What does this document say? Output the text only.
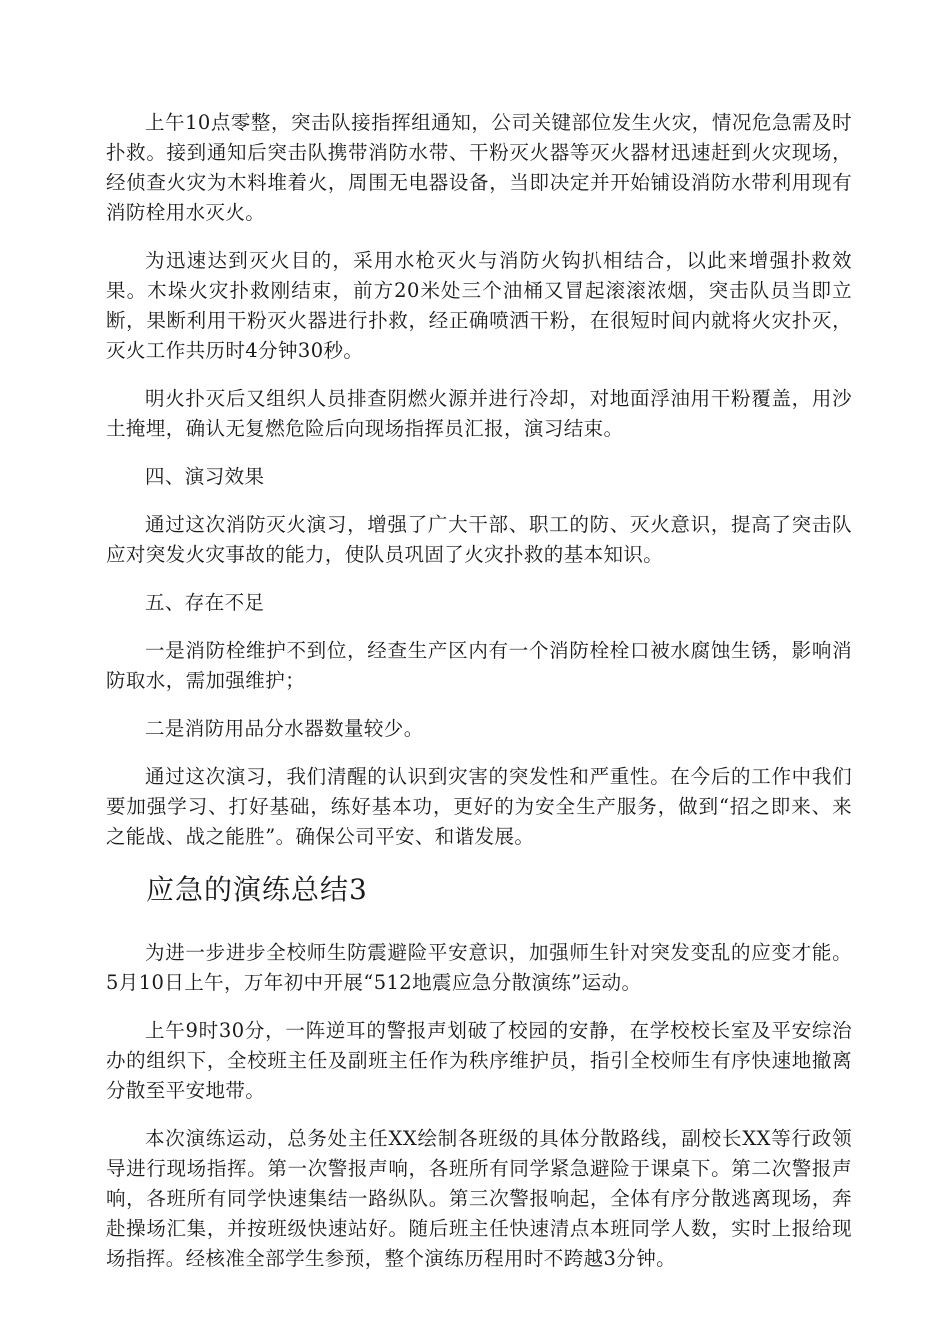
上午10点零整，突击队接指挥组通知，公司关键部位发生火灾，情况危急需及时扑救。接到通知后突击队携带消防水带、干粉灭火器等灭火器材迅速赶到火灾现场，经侦查火灾为木料堆着火，周围无电器设备，当即决定并开始铺设消防水带利用现有消防栓用水灭火。

为迅速达到灭火目的，采用水枪灭火与消防火钩扒相结合，以此来增强扑救效果。木垛火灾扑救刚结束，前方20米处三个油桶又冒起滚滚浓烟，突击队员当即立断，果断利用干粉灭火器进行扑救，经正确喷洒干粉，在很短时间内就将火灾扑灭，灭火工作共历时4分钟30秒。

明火扑灭后又组织人员排查阴燃火源并进行冷却，对地面浮油用干粉覆盖，用沙土掩埋，确认无复燃危险后向现场指挥员汇报，演习结束。

四、演习效果

通过这次消防灭火演习，增强了广大干部、职工的防、灭火意识，提高了突击队应对突发火灾事故的能力，使队员巩固了火灾扑救的基本知识。

五、存在不足

一是消防栓维护不到位，经查生产区内有一个消防栓栓口被水腐蚀生锈，影响消防取水，需加强维护；

二是消防用品分水器数量较少。

通过这次演习，我们清醒的认识到灾害的突发性和严重性。在今后的工作中我们要加强学习、打好基础，练好基本功，更好的为安全生产服务，做到“招之即来、来之能战、战之能胜”。确保公司平安、和谐发展。

应急的演练总结3

为进一步进步全校师生防震避险平安意识，加强师生针对突发变乱的应变才能。5月10日上午，万年初中开展“512地震应急分散演练”运动。

上午9时30分，一阵逆耳的警报声划破了校园的安静，在学校校长室及平安综治办的组织下，全校班主任及副班主任作为秩序维护员，指引全校师生有序快速地撤离分散至平安地带。

本次演练运动，总务处主任XX绘制各班级的具体分散路线，副校长XX等行政领导进行现场指挥。第一次警报声响，各班所有同学紧急避险于课桌下。第二次警报声响，各班所有同学快速集结一路纵队。第三次警报响起，全体有序分散逃离现场，奔赴操场汇集，并按班级快速站好。随后班主任快速清点本班同学人数，实时上报给现场指挥。经核准全部学生参预，整个演练历程用时不跨越3分钟。
